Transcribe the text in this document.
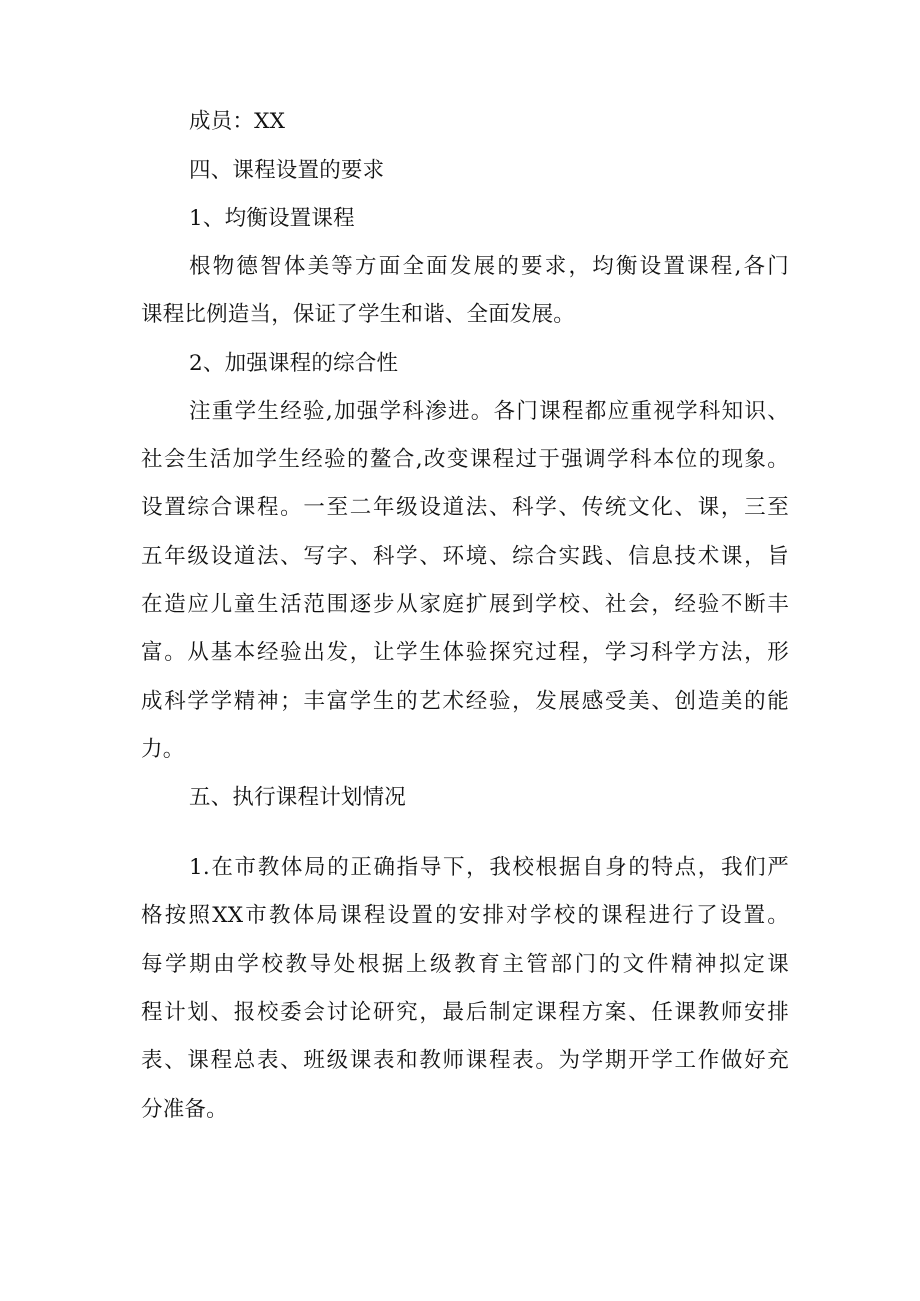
成员：XX
四、课程设置的要求
1、均衡设置课程
根物德智体美等方面全面发展的要求，均衡设置课程,各门
课程比例造当，保证了学生和谐、全面发展。
2、加强课程的综合性
注重学生经验,加强学科渗进。各门课程都应重视学科知识、
社会生活加学生经验的鳌合,改变课程过于强调学科本位的现象。
设置综合课程。一至二年级设道法、科学、传统文化、课，三至
五年级设道法、写字、科学、环境、综合实践、信息技术课，旨
在造应儿童生活范围逐步从家庭扩展到学校、社会，经验不断丰
富。从基本经验出发，让学生体验探究过程，学习科学方法，形
成科学学精神；丰富学生的艺术经验，发展感受美、创造美的能
力。
五、执行课程计划情况
1.在市教体局的正确指导下，我校根据自身的特点，我们严
格按照XX市教体局课程设置的安排对学校的课程进行了设置。
每学期由学校教导处根据上级教育主管部门的文件精神拟定课
程计划、报校委会讨论研究，最后制定课程方案、任课教师安排
表、课程总表、班级课表和教师课程表。为学期开学工作做好充
分准备。
